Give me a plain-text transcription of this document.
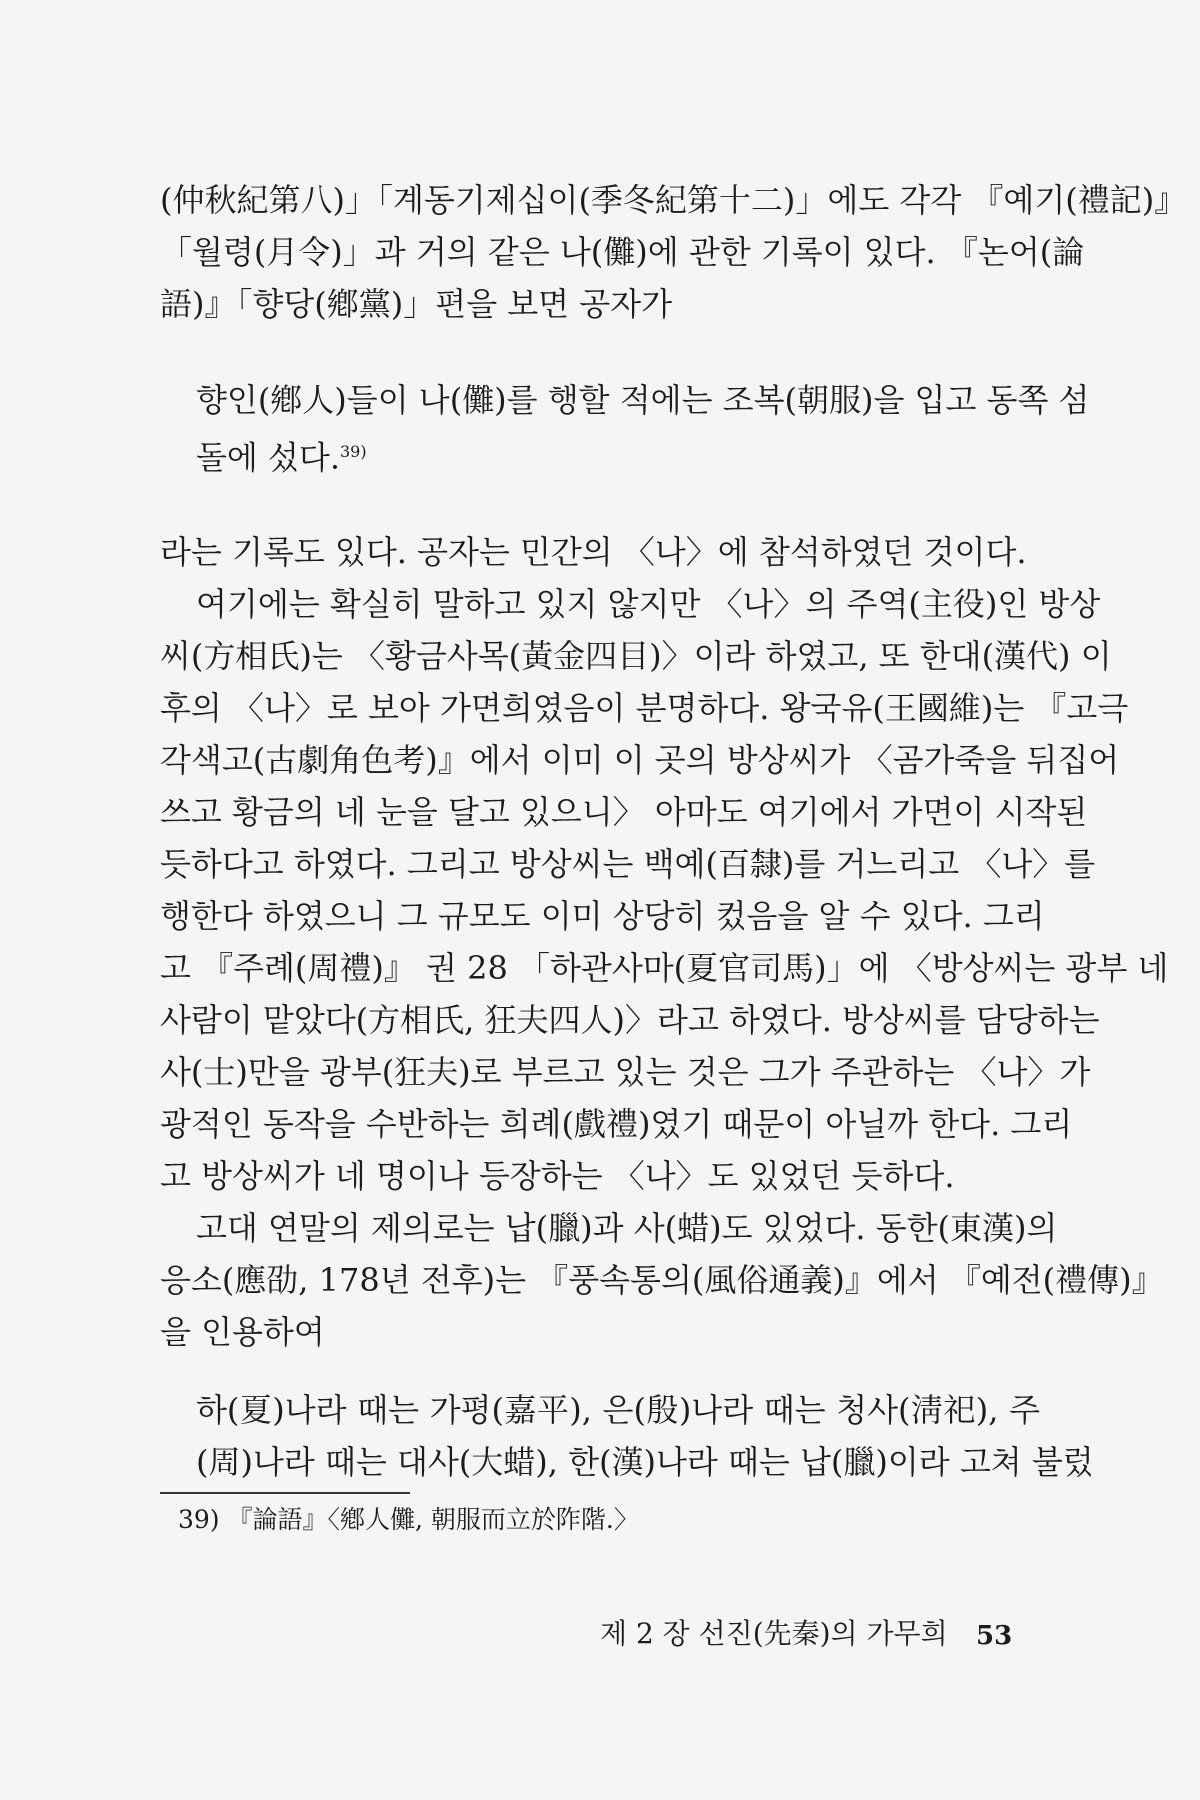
(仲秋紀第八)」「계동기제십이(季冬紀第十二)」에도 각각 『예기(禮記)』
「월령(月令)」과 거의 같은 나(儺)에 관한 기록이 있다. 『논어(論
語)』「향당(鄕黨)」편을 보면 공자가
향인(鄕人)들이 나(儺)를 행할 적에는 조복(朝服)을 입고 동쪽 섬
돌에 섰다.$^{39)}$
라는 기록도 있다. 공자는 민간의 〈나〉에 참석하였던 것이다.
여기에는 확실히 말하고 있지 않지만 〈나〉의 주역(主役)인 방상
씨(方相氏)는 〈황금사목(黃金四目)〉이라 하였고, 또 한대(漢代) 이
후의 〈나〉로 보아 가면희였음이 분명하다. 왕국유(王國維)는 『고극
각색고(古劇角色考)』에서 이미 이 곳의 방상씨가 〈곰가죽을 뒤집어
쓰고 황금의 네 눈을 달고 있으니〉 아마도 여기에서 가면이 시작된
듯하다고 하였다. 그리고 방상씨는 백예(百隸)를 거느리고 〈나〉를
행한다 하였으니 그 규모도 이미 상당히 컸음을 알 수 있다. 그리
고 『주례(周禮)』 권 28 「하관사마(夏官司馬)」에 〈방상씨는 광부 네
사람이 맡았다(方相氏, 狂夫四人)〉라고 하였다. 방상씨를 담당하는
사(士)만을 광부(狂夫)로 부르고 있는 것은 그가 주관하는 〈나〉가
광적인 동작을 수반하는 희례(戲禮)였기 때문이 아닐까 한다. 그리
고 방상씨가 네 명이나 등장하는 〈나〉도 있었던 듯하다.
고대 연말의 제의로는 납(臘)과 사(蜡)도 있었다. 동한(東漢)의
응소(應劭, 178년 전후)는 『풍속통의(風俗通義)』에서 『예전(禮傳)』
을 인용하여
하(夏)나라 때는 가평(嘉平), 은(殷)나라 때는 청사(淸祀), 주
(周)나라 때는 대사(大蜡), 한(漢)나라 때는 납(臘)이라 고쳐 불렀
39) 『論語』〈鄕人儺, 朝服而立於阼階.〉
제 2 장 선진(先秦)의 가무희 53
